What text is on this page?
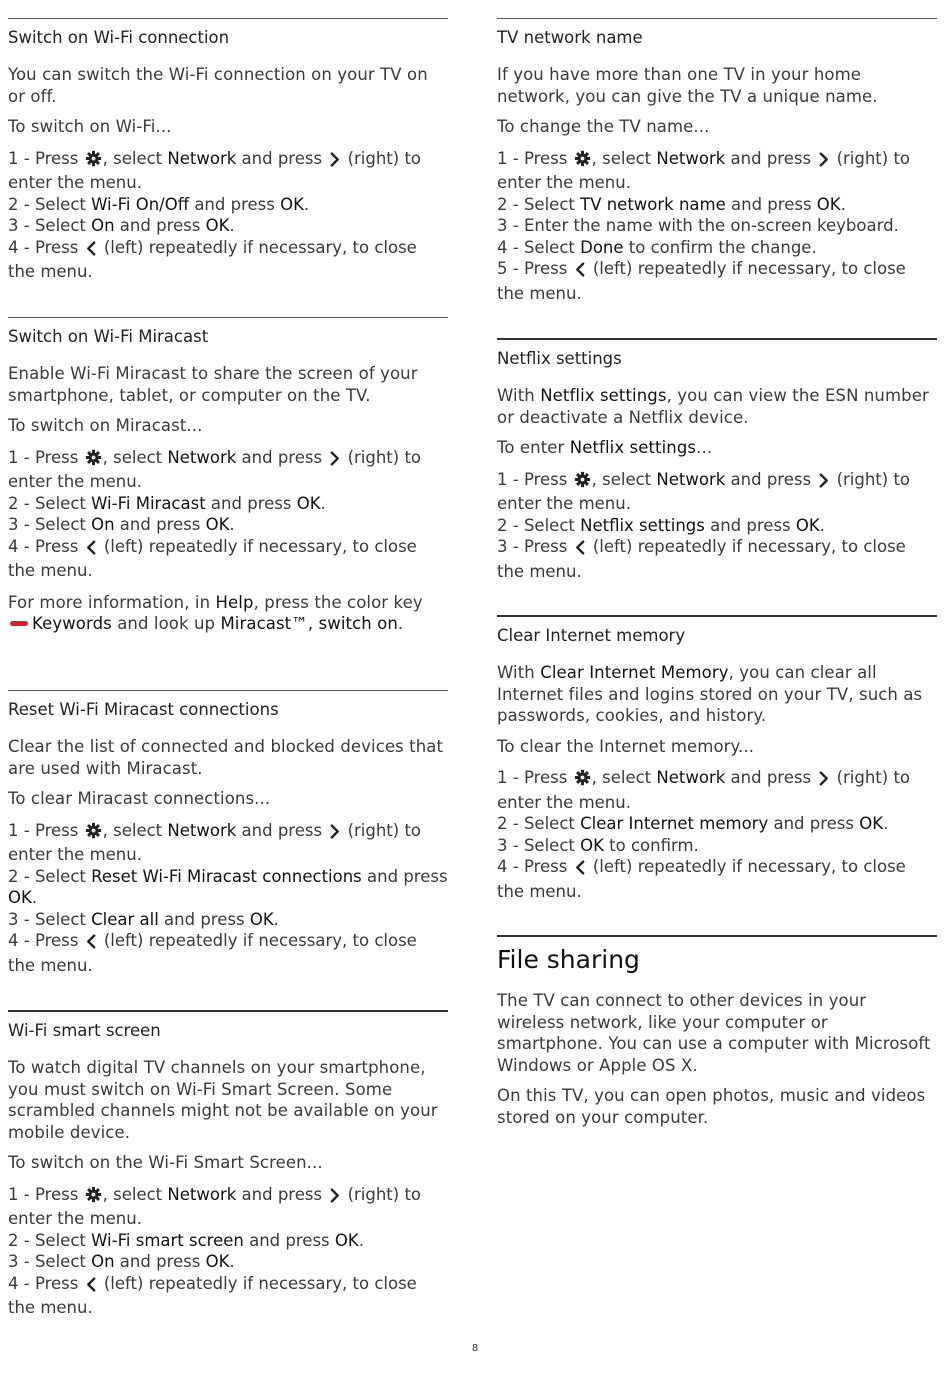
Switch on Wi-Fi connection

You can switch the Wi-Fi connection on your TV on or off.

To switch on Wi-Fi...

1 - Press , select Network and press  (right) to enter the menu.
2 - Select Wi-Fi On/Off and press OK.
3 - Select On and press OK.
4 - Press  (left) repeatedly if necessary, to close the menu.
Switch on Wi-Fi Miracast

Enable Wi-Fi Miracast to share the screen of your smartphone, tablet, or computer on the TV.

To switch on Miracast...

1 - Press , select Network and press  (right) to enter the menu.
2 - Select Wi-Fi Miracast and press OK.
3 - Select On and press OK.
4 - Press  (left) repeatedly if necessary, to close the menu.

For more information, in Help, press the color key Keywords and look up Miracast™, switch on.

Reset Wi-Fi Miracast connections

Clear the list of connected and blocked devices that are used with Miracast.

To clear Miracast connections...

1 - Press , select Network and press  (right) to enter the menu.
2 - Select Reset Wi-Fi Miracast connections and press OK.
3 - Select Clear all and press OK.
4 - Press  (left) repeatedly if necessary, to close the menu.
Wi-Fi smart screen

To watch digital TV channels on your smartphone, you must switch on Wi-Fi Smart Screen. Some scrambled channels might not be available on your mobile device.

To switch on the Wi-Fi Smart Screen...

1 - Press , select Network and press  (right) to enter the menu.
2 - Select Wi-Fi smart screen and press OK.
3 - Select On and press OK.
4 - Press  (left) repeatedly if necessary, to close the menu.
TV network name

If you have more than one TV in your home network, you can give the TV a unique name.

To change the TV name...

1 - Press , select Network and press  (right) to enter the menu.
2 - Select TV network name and press OK.
3 - Enter the name with the on-screen keyboard.
4 - Select Done to confirm the change.
5 - Press  (left) repeatedly if necessary, to close the menu.
Netflix settings

With Netflix settings, you can view the ESN number or deactivate a Netflix device.

To enter Netflix settings...

1 - Press , select Network and press  (right) to enter the menu.
2 - Select Netflix settings and press OK.
3 - Press  (left) repeatedly if necessary, to close the menu.
Clear Internet memory

With Clear Internet Memory, you can clear all Internet files and logins stored on your TV, such as passwords, cookies, and history.

To clear the Internet memory...

1 - Press , select Network and press  (right) to enter the menu.
2 - Select Clear Internet memory and press OK.
3 - Select OK to confirm.
4 - Press  (left) repeatedly if necessary, to close the menu.
File sharing

The TV can connect to other devices in your wireless network, like your computer or smartphone. You can use a computer with Microsoft Windows or Apple OS X.

On this TV, you can open photos, music and videos stored on your computer.

8
